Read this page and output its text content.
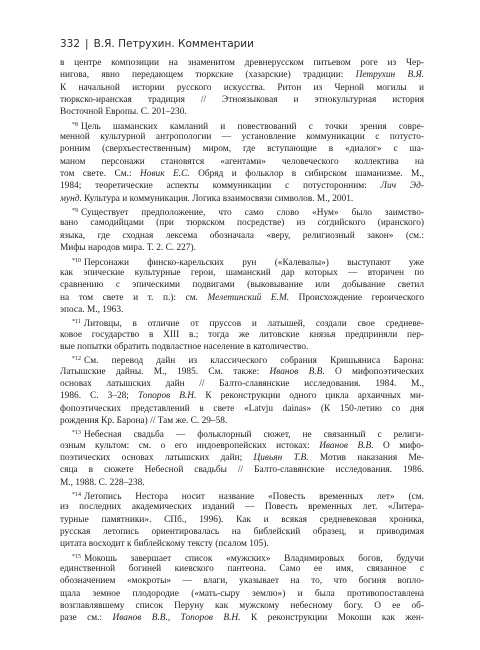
332 | В.Я. Петрухин. Комментарии
в центре композиции на знаменитом древнерусском питьевом роге из Чер-
нигова, явно передающем тюркские (хазарские) традиции: Петрухин В.Я.
К начальной истории русского искусства. Ритон из Черной могилы и
тюркско-иранская традиция // Этноязыковая и этнокультурная история
Восточной Европы. С. 201–230.
$^{*8}$ Цель шаманских камланий и повествований с точки зрения совре-
менной культурной антропологии — установление коммуникации с потусто-
ронним (сверхъестественным) миром, где вступающие в «диалог» с ша-
маном персонажи становятся «агентами» человеческого коллектива на
том свете. См.: Новик Е.С. Обряд и фольклор в сибирском шаманизме. М.,
1984; теоретические аспекты коммуникации с потусторонним: Лич Эд-
мунд. Культура и коммуникация. Логика взаимосвязи символов. М., 2001.
$^{*9}$ Существует предположение, что само слово «Нум» было заимство-
вано самодийцами (при тюркском посредстве) из согдийского (иранского)
языка, где сходная лексема обозначала «веру, религиозный закон» (см.:
Мифы народов мира. Т. 2. С. 227).
$^{*10}$ Персонажи финско-карельских рун («Калевалы») выступают уже
как эпические культурные герои, шаманский дар которых — вторичен по
сравнению с эпическими подвигами (выковывание или добывание светил
на том свете и т. п.): см. Мелетинский Е.М. Происхождение героического
эпоса. М., 1963.
$^{*11}$ Литовцы, в отличие от пруссов и латышей, создали свое средневе-
ковое государство в XIII в.; тогда же литовские князья предприняли пер-
вые попытки обратить подвластное население в католичество.
$^{*12}$ См. перевод дайн из классического собрания Кришьяниса Барона:
Латышские дайны. М., 1985. См. также: Иванов В.В. О мифопоэтических
основах латышских дайн // Балто-славянские исследования. 1984. М.,
1986. С. 3–28; Топоров В.Н. К реконструкции одного цикла архаичных ми-
фопоэтических представлений в свете «Latvju dainas» (К 150-летию со дня
рождения Кр. Барона) // Там же. С. 29–58.
$^{*13}$ Небесная свадьба — фольклорный сюжет, не связанный с религи-
озным культом: см. о его индоевропейских истоках: Иванов В.В. О мифо-
поэтических основах латышских дайн; Цивьян Т.В. Мотив наказания Ме-
сяца в сюжете Небесной свадьбы // Балто-славянские исследования. 1986.
М., 1988. С. 228–238.
$^{*14}$ Летопись Нестора носит название «Повесть временных лет» (см.
из последних академических изданий — Повесть временных лет. «Литера-
турные памятники». СПб., 1996). Как и всякая средневековая хроника,
русская летопись ориентировалась на библейский образец, и приводимая
цитата восходит к библейскому тексту (псалом 105).
$^{*15}$ Мокошь завершает список «мужских» Владимировых богов, будучи
единственной богиней киевского пантеона. Само ее имя, связанное с
обозначением «мокроты» — влаги, указывает на то, что богиня вопло-
щала земное плодородие («мать-сыру землю») и была противопоставлена
возглавлявшему список Перуну как мужскому небесному богу. О ее об-
разе см.: Иванов В.В., Топоров В.Н. К реконструкции Мокоши как жен-
